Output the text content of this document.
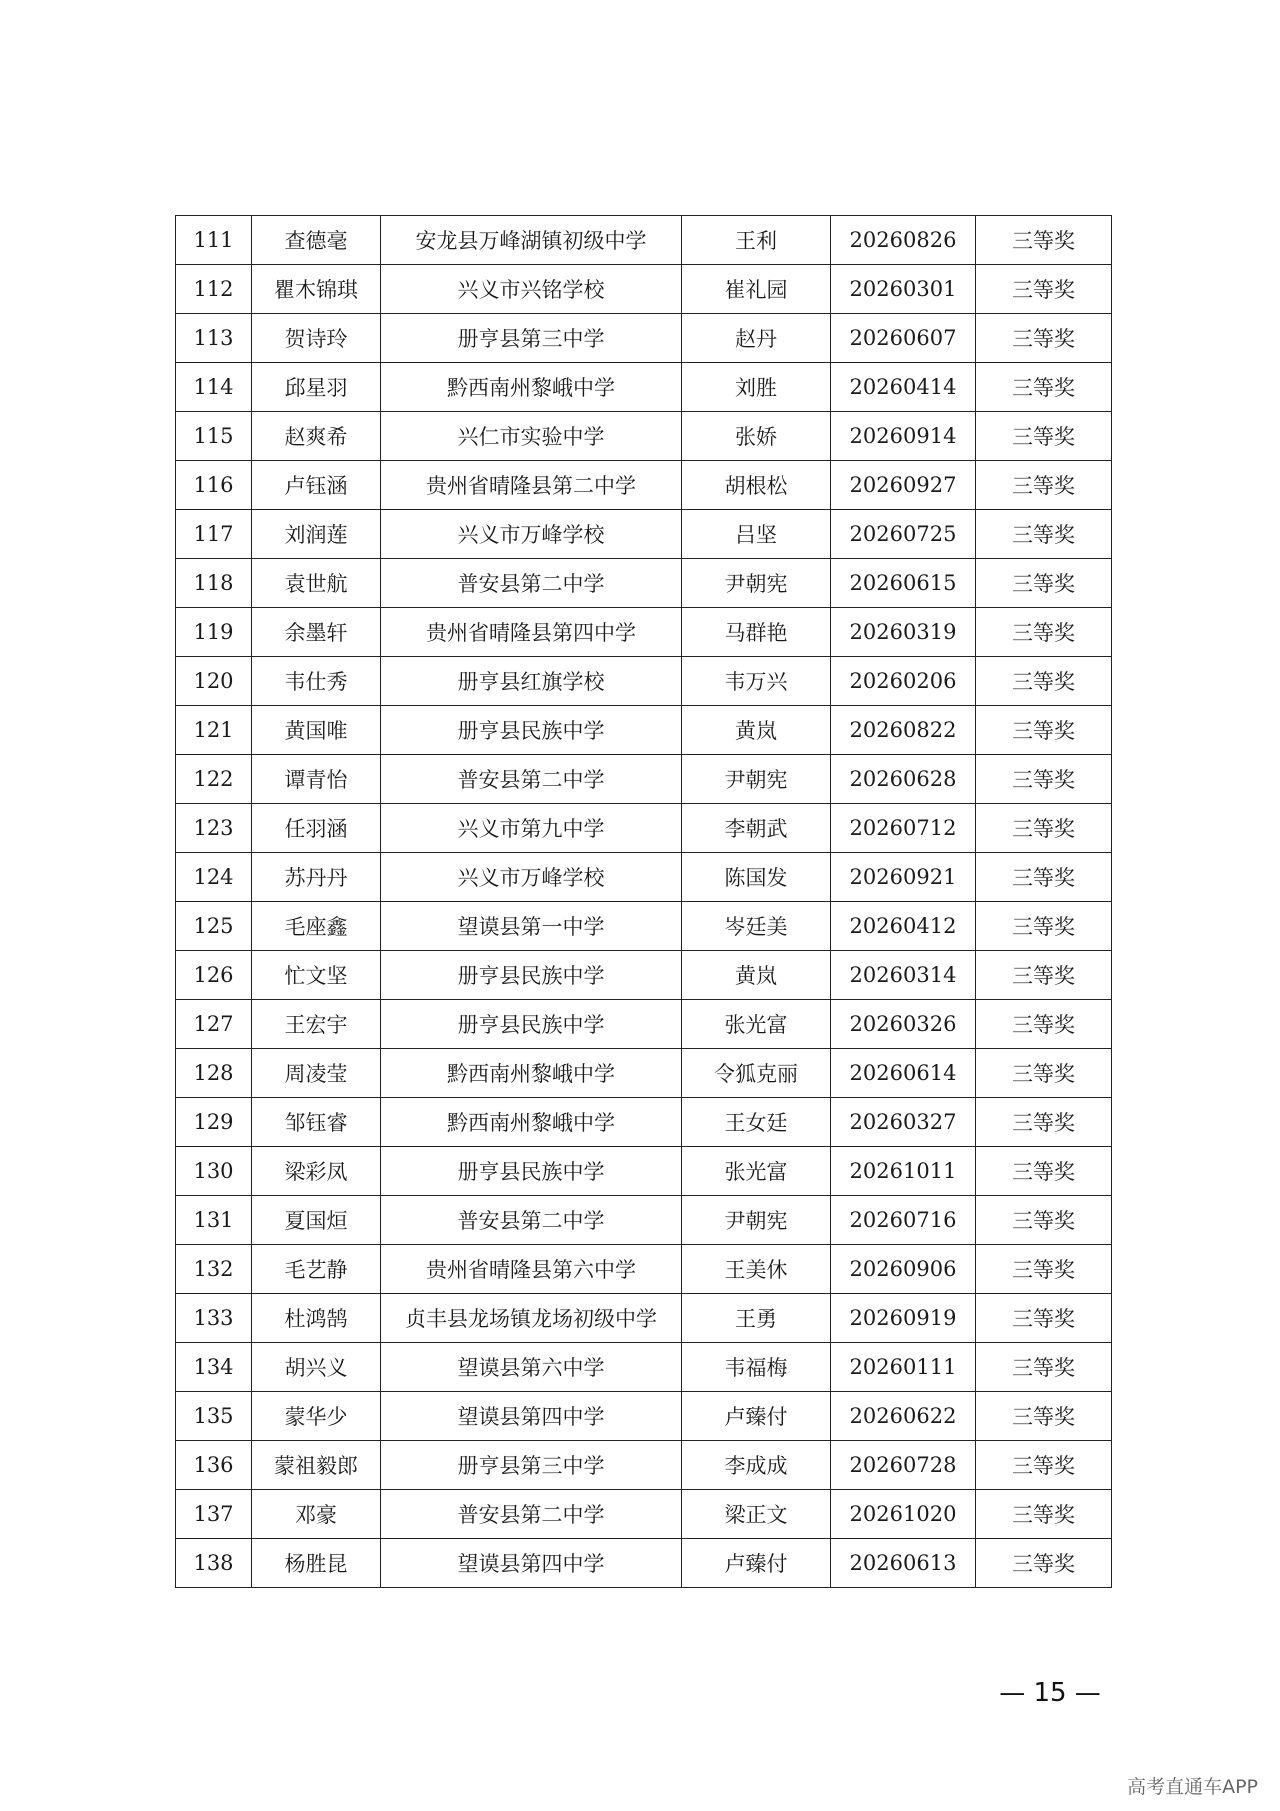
111	查德毫	安龙县万峰湖镇初级中学	王利	20260826	三等奖
112	瞿木锦琪	兴义市兴铭学校	崔礼园	20260301	三等奖
113	贺诗玲	册亨县第三中学	赵丹	20260607	三等奖
114	邱星羽	黔西南州黎峨中学	刘胜	20260414	三等奖
115	赵爽希	兴仁市实验中学	张娇	20260914	三等奖
116	卢钰涵	贵州省晴隆县第二中学	胡根松	20260927	三等奖
117	刘润莲	兴义市万峰学校	吕坚	20260725	三等奖
118	袁世航	普安县第二中学	尹朝宪	20260615	三等奖
119	余墨轩	贵州省晴隆县第四中学	马群艳	20260319	三等奖
120	韦仕秀	册亨县红旗学校	韦万兴	20260206	三等奖
121	黄国唯	册亨县民族中学	黄岚	20260822	三等奖
122	谭青怡	普安县第二中学	尹朝宪	20260628	三等奖
123	任羽涵	兴义市第九中学	李朝武	20260712	三等奖
124	苏丹丹	兴义市万峰学校	陈国发	20260921	三等奖
125	毛座鑫	望谟县第一中学	岑廷美	20260412	三等奖
126	忙文坚	册亨县民族中学	黄岚	20260314	三等奖
127	王宏宇	册亨县民族中学	张光富	20260326	三等奖
128	周凌莹	黔西南州黎峨中学	令狐克丽	20260614	三等奖
129	邹钰睿	黔西南州黎峨中学	王女廷	20260327	三等奖
130	梁彩凤	册亨县民族中学	张光富	20261011	三等奖
131	夏国烜	普安县第二中学	尹朝宪	20260716	三等奖
132	毛艺静	贵州省晴隆县第六中学	王美休	20260906	三等奖
133	杜鸿鹄	贞丰县龙场镇龙场初级中学	王勇	20260919	三等奖
134	胡兴义	望谟县第六中学	韦福梅	20260111	三等奖
135	蒙华少	望谟县第四中学	卢臻付	20260622	三等奖
136	蒙祖毅郎	册亨县第三中学	李成成	20260728	三等奖
137	邓豪	普安县第二中学	梁正文	20261020	三等奖
138	杨胜昆	望谟县第四中学	卢臻付	20260613	三等奖
— 15 —
高考直通车APP
